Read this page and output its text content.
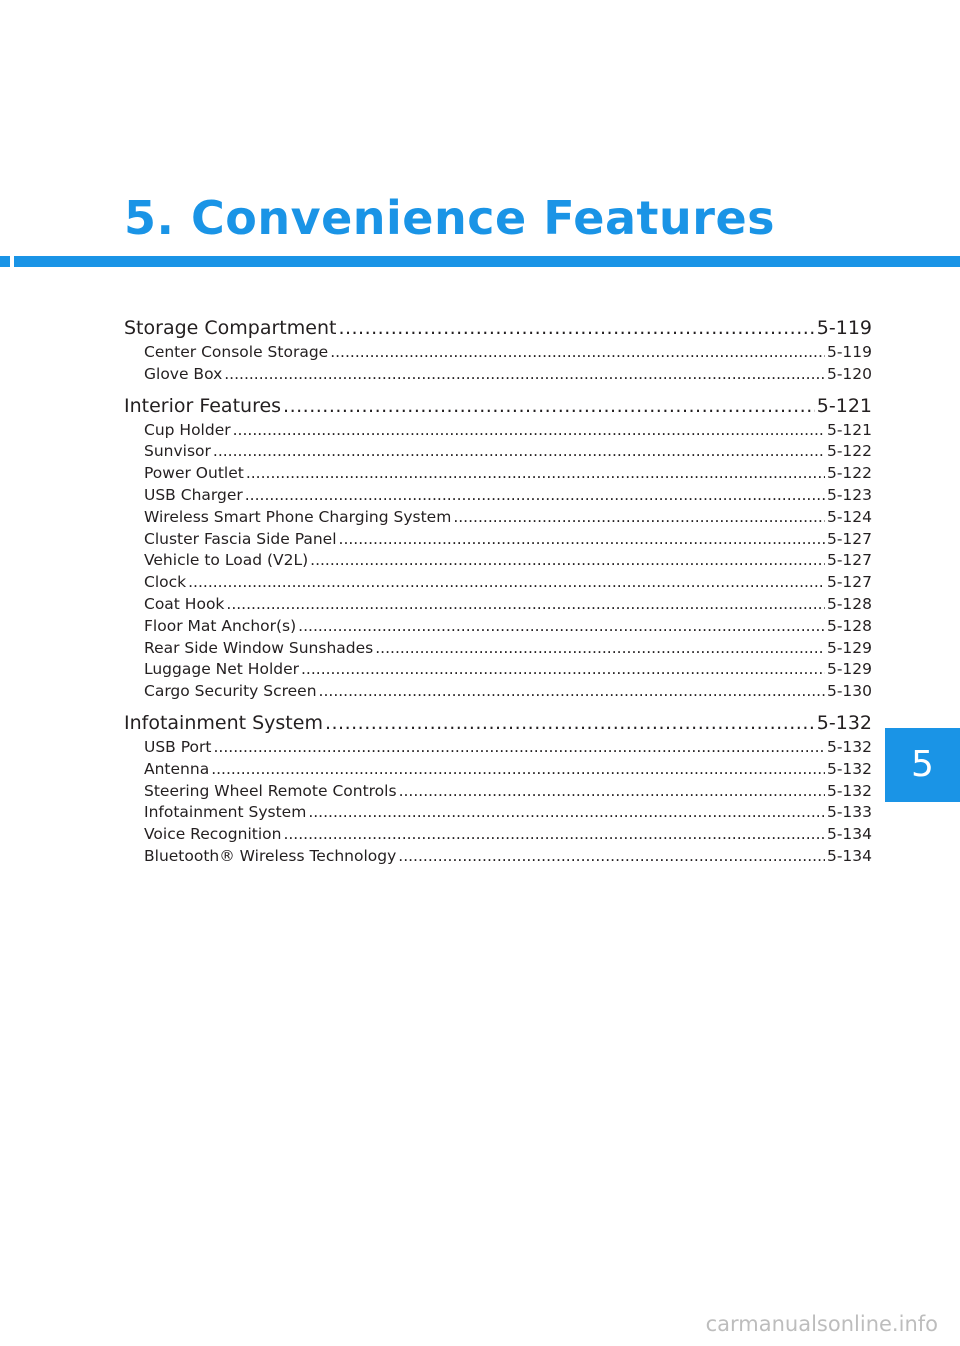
5. Convenience Features
5
Storage Compartment .....	5-119
Center Console Storage .....	5-119
Glove Box .....	5-120
Interior Features .....	5-121
Cup Holder .....	5-121
Sunvisor .....	5-122
Power Outlet .....	5-122
USB Charger .....	5-123
Wireless Smart Phone Charging System .....	5-124
Cluster Fascia Side Panel .....	5-127
Vehicle to Load (V2L) .....	5-127
Clock .....	5-127
Coat Hook .....	5-128
Floor Mat Anchor(s) .....	5-128
Rear Side Window Sunshades .....	5-129
Luggage Net Holder .....	5-129
Cargo Security Screen .....	5-130
Infotainment System .....	5-132
USB Port .....	5-132
Antenna .....	5-132
Steering Wheel Remote Controls .....	5-132
Infotainment System .....	5-133
Voice Recognition .....	5-134
Bluetooth® Wireless Technology .....	5-134
carmanualsonline.info
